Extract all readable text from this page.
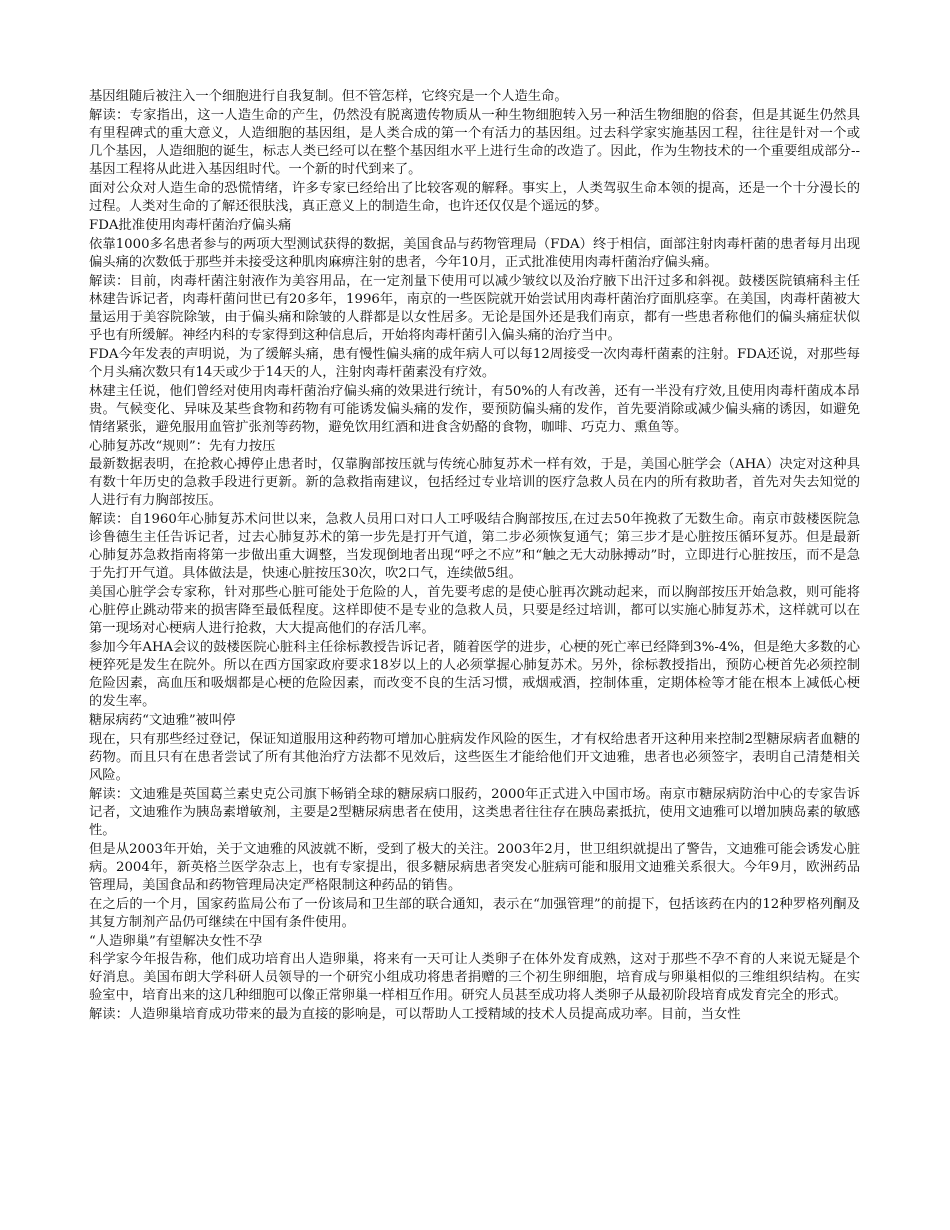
基因组随后被注入一个细胞进行自我复制。但不管怎样，它终究是一个人造生命。

解读：专家指出，这一人造生命的产生，仍然没有脱离遗传物质从一种生物细胞转入另一种活生物细胞的俗套，但是其诞生仍然具有里程碑式的重大意义，人造细胞的基因组，是人类合成的第一个有活力的基因组。过去科学家实施基因工程，往往是针对一个或几个基因，人造细胞的诞生，标志人类已经可以在整个基因组水平上进行生命的改造了。因此，作为生物技术的一个重要组成部分--基因工程将从此进入基因组时代。一个新的时代到来了。

面对公众对人造生命的恐慌情绪，许多专家已经给出了比较客观的解释。事实上，人类驾驭生命本领的提高，还是一个十分漫长的过程。人类对生命的了解还很肤浅，真正意义上的制造生命，也许还仅仅是个遥远的梦。

FDA批准使用肉毒杆菌治疗偏头痛

依靠1000多名患者参与的两项大型测试获得的数据，美国食品与药物管理局（FDA）终于相信，面部注射肉毒杆菌的患者每月出现偏头痛的次数低于那些并未接受这种肌肉麻痹注射的患者，今年10月，正式批准使用肉毒杆菌治疗偏头痛。

解读：目前，肉毒杆菌注射液作为美容用品，在一定剂量下使用可以减少皱纹以及治疗腋下出汗过多和斜视。鼓楼医院镇痛科主任林建告诉记者，肉毒杆菌问世已有20多年，1996年，南京的一些医院就开始尝试用肉毒杆菌治疗面肌痉挛。在美国，肉毒杆菌被大量运用于美容院除皱，由于偏头痛和除皱的人群都是以女性居多。无论是国外还是我们南京，都有一些患者称他们的偏头痛症状似乎也有所缓解。神经内科的专家得到这种信息后，开始将肉毒杆菌引入偏头痛的治疗当中。

FDA今年发表的声明说，为了缓解头痛，患有慢性偏头痛的成年病人可以每12周接受一次肉毒杆菌素的注射。FDA还说，对那些每个月头痛次数只有14天或少于14天的人，注射肉毒杆菌素没有疗效。

林建主任说，他们曾经对使用肉毒杆菌治疗偏头痛的效果进行统计，有50%的人有改善，还有一半没有疗效,且使用肉毒杆菌成本昂贵。气候变化、异味及某些食物和药物有可能诱发偏头痛的发作，要预防偏头痛的发作，首先要消除或减少偏头痛的诱因，如避免情绪紧张，避免服用血管扩张剂等药物，避免饮用红酒和进食含奶酪的食物，咖啡、巧克力、熏鱼等。

心肺复苏改“规则”：先有力按压

最新数据表明，在抢救心搏停止患者时，仅靠胸部按压就与传统心肺复苏术一样有效，于是，美国心脏学会（AHA）决定对这种具有数十年历史的急救手段进行更新。新的急救指南建议，包括经过专业培训的医疗急救人员在内的所有救助者，首先对失去知觉的人进行有力胸部按压。

解读：自1960年心肺复苏术问世以来，急救人员用口对口人工呼吸结合胸部按压,在过去50年挽救了无数生命。南京市鼓楼医院急诊鲁德生主任告诉记者，过去心肺复苏术的第一步先是打开气道，第二步必须恢复通气；第三步才是心脏按压循环复苏。但是最新心肺复苏急救指南将第一步做出重大调整，当发现倒地者出现“呼之不应”和“触之无大动脉搏动”时，立即进行心脏按压，而不是急于先打开气道。具体做法是，快速心脏按压30次，吹2口气，连续做5组。

美国心脏学会专家称，针对那些心脏可能处于危险的人，首先要考虑的是使心脏再次跳动起来，而以胸部按压开始急救，则可能将心脏停止跳动带来的损害降至最低程度。这样即使不是专业的急救人员，只要是经过培训，都可以实施心肺复苏术，这样就可以在第一现场对心梗病人进行抢救，大大提高他们的存活几率。

参加今年AHA会议的鼓楼医院心脏科主任徐标教授告诉记者，随着医学的进步，心梗的死亡率已经降到3%-4%，但是绝大多数的心梗猝死是发生在院外。所以在西方国家政府要求18岁以上的人必须掌握心肺复苏术。另外，徐标教授指出，预防心梗首先必须控制危险因素，高血压和吸烟都是心梗的危险因素，而改变不良的生活习惯，戒烟戒酒，控制体重，定期体检等才能在根本上减低心梗的发生率。

糖尿病药“文迪雅”被叫停

现在，只有那些经过登记，保证知道服用这种药物可增加心脏病发作风险的医生，才有权给患者开这种用来控制2型糖尿病者血糖的药物。而且只有在患者尝试了所有其他治疗方法都不见效后，这些医生才能给他们开文迪雅，患者也必须签字，表明自己清楚相关风险。

解读：文迪雅是英国葛兰素史克公司旗下畅销全球的糖尿病口服药，2000年正式进入中国市场。南京市糖尿病防治中心的专家告诉记者，文迪雅作为胰岛素增敏剂，主要是2型糖尿病患者在使用，这类患者往往存在胰岛素抵抗，使用文迪雅可以增加胰岛素的敏感性。

但是从2003年开始，关于文迪雅的风波就不断，受到了极大的关注。2003年2月，世卫组织就提出了警告，文迪雅可能会诱发心脏病。2004年，新英格兰医学杂志上，也有专家提出，很多糖尿病患者突发心脏病可能和服用文迪雅关系很大。今年9月，欧洲药品管理局，美国食品和药物管理局决定严格限制这种药品的销售。

在之后的一个月，国家药监局公布了一份该局和卫生部的联合通知，表示在“加强管理”的前提下，包括该药在内的12种罗格列酮及其复方制剂产品仍可继续在中国有条件使用。

“人造卵巢”有望解决女性不孕

科学家今年报告称，他们成功培育出人造卵巢，将来有一天可让人类卵子在体外发育成熟，这对于那些不孕不育的人来说无疑是个好消息。美国布朗大学科研人员领导的一个研究小组成功将患者捐赠的三个初生卵细胞，培育成与卵巢相似的三维组织结构。在实验室中，培育出来的这几种细胞可以像正常卵巢一样相互作用。研究人员甚至成功将人类卵子从最初阶段培育成发育完全的形式。

解读：人造卵巢培育成功带来的最为直接的影响是，可以帮助人工授精域的技术人员提高成功率。目前，当女性
